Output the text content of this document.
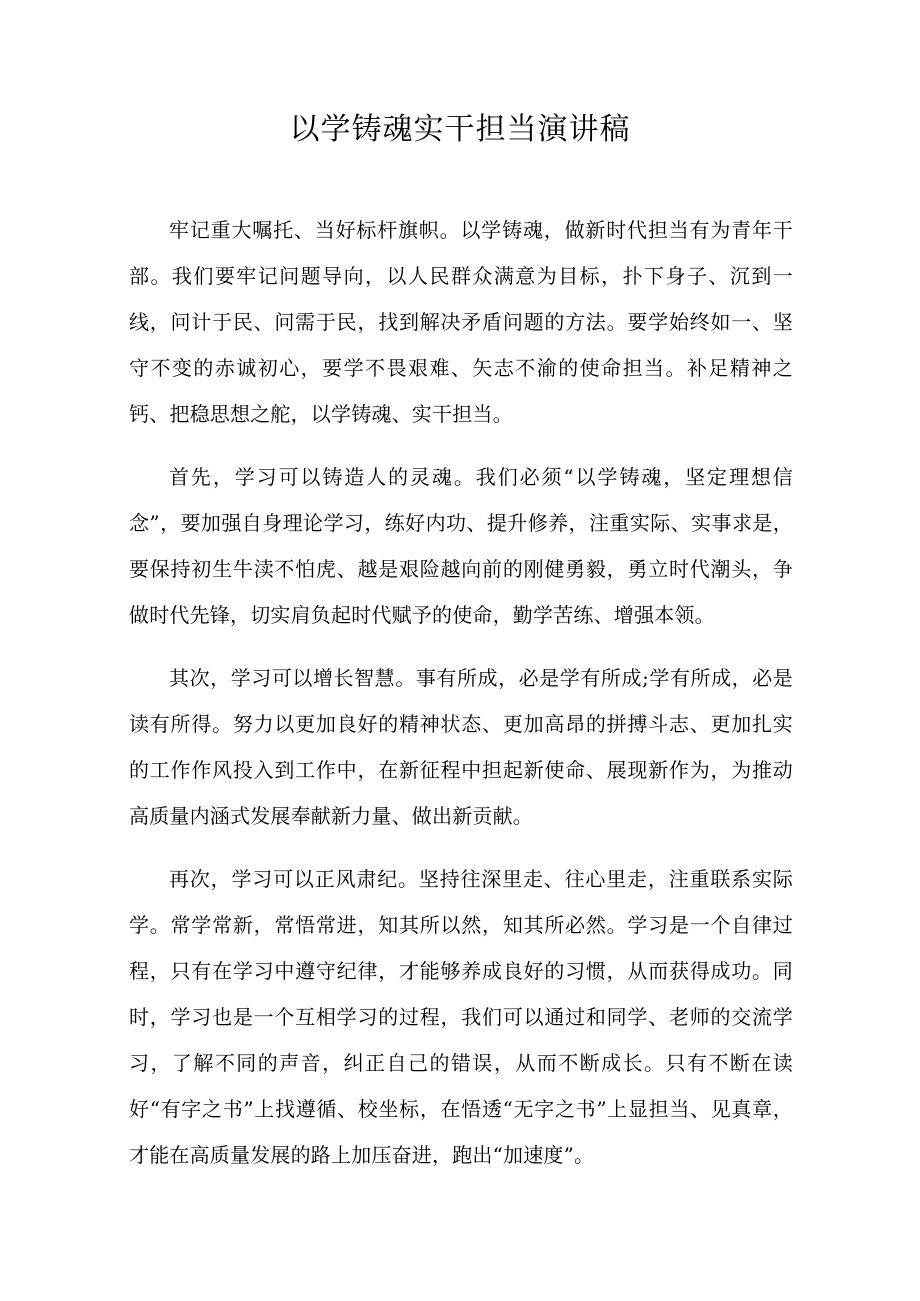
以学铸魂实干担当演讲稿

牢记重大嘱托、当好标杆旗帜。以学铸魂，做新时代担当有为青年干部。我们要牢记问题导向，以人民群众满意为目标，扑下身子、沉到一线，问计于民、问需于民，找到解决矛盾问题的方法。要学始终如一、坚守不变的赤诚初心，要学不畏艰难、矢志不渝的使命担当。补足精神之钙、把稳思想之舵，以学铸魂、实干担当。

首先，学习可以铸造人的灵魂。我们必须“以学铸魂，坚定理想信念”，要加强自身理论学习，练好内功、提升修养，注重实际、实事求是，要保持初生牛渎不怕虎、越是艰险越向前的刚健勇毅，勇立时代潮头，争做时代先锋，切实肩负起时代赋予的使命，勤学苦练、增强本领。

其次，学习可以增长智慧。事有所成，必是学有所成;学有所成，必是读有所得。努力以更加良好的精神状态、更加高昂的拼搏斗志、更加扎实的工作作风投入到工作中，在新征程中担起新使命、展现新作为，为推动高质量内涵式发展奉献新力量、做出新贡献。

再次，学习可以正风肃纪。坚持往深里走、往心里走，注重联系实际学。常学常新，常悟常进，知其所以然，知其所必然。学习是一个自律过程，只有在学习中遵守纪律，才能够养成良好的习惯，从而获得成功。同时，学习也是一个互相学习的过程，我们可以通过和同学、老师的交流学习，了解不同的声音，纠正自己的错误，从而不断成长。只有不断在读好“有字之书”上找遵循、校坐标，在悟透“无字之书”上显担当、见真章，才能在高质量发展的路上加压奋进，跑出“加速度”。
